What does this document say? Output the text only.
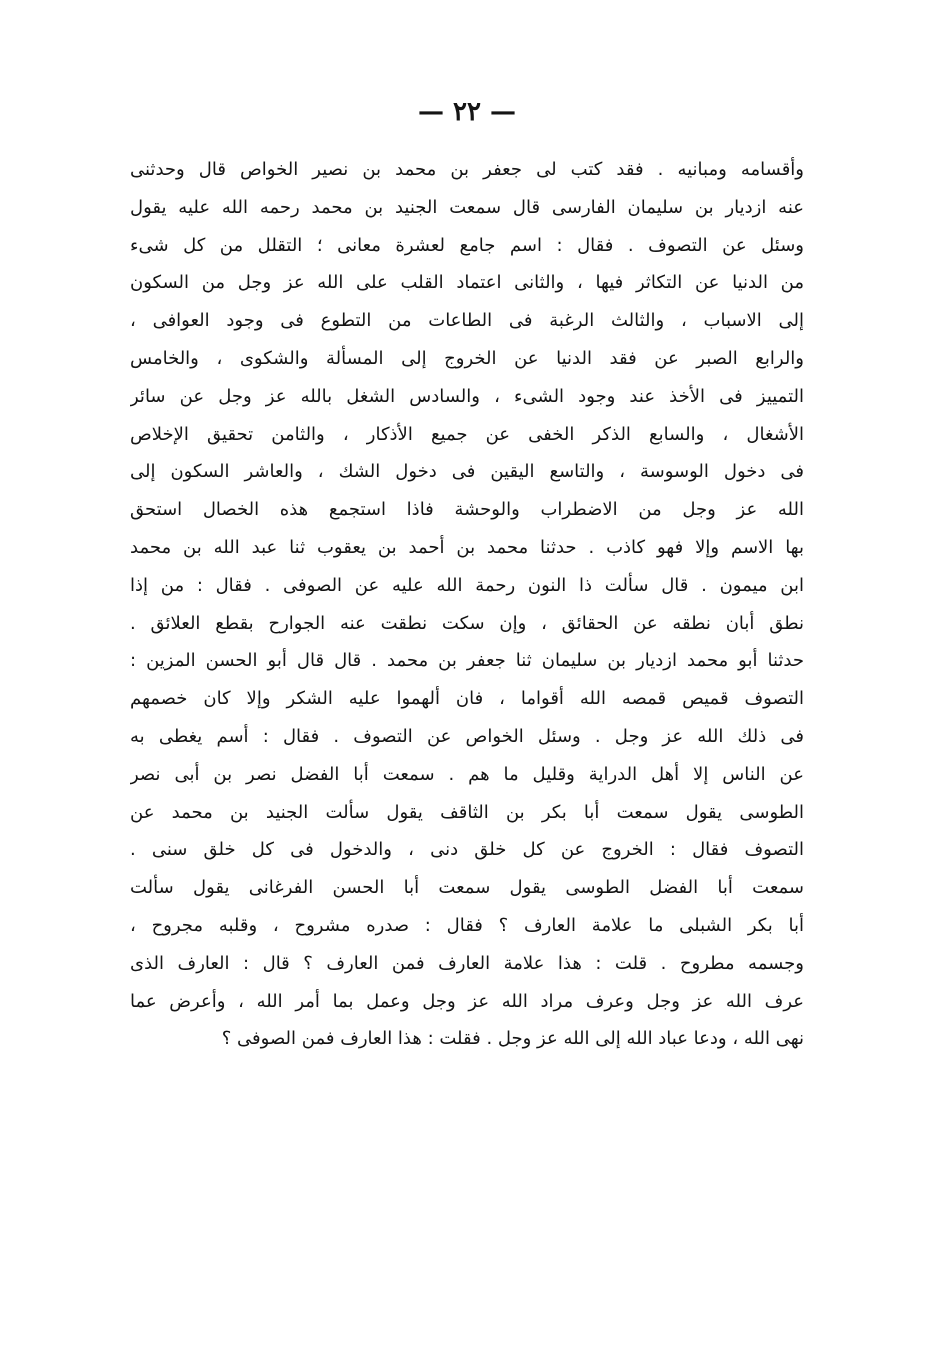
— ٢٢ —
وأقسامه ومبانيه . فقد كتب لى جعفر بن محمد بن نصير الخواص قال وحدثنى
عنه ازديار بن سليمان الفارسى قال سمعت الجنيد بن محمد رحمه الله عليه يقول
وسئل عن التصوف . فقال : اسم جامع لعشرة معانى ؛ التقلل من كل شىء
من الدنيا عن التكاثر فيها ، والثانى اعتماد القلب على الله عز وجل من السكون
إلى الاسباب ، والثالث الرغبة فى الطاعات من التطوع فى وجود العوافى ،
والرابع الصبر عن فقد الدنيا عن الخروج إلى المسألة والشكوى ، والخامس
التمييز فى الأخذ عند وجود الشىء ، والسادس الشغل بالله عز وجل عن سائر
الأشغال ، والسابع الذكر الخفى عن جميع الأذكار ، والثامن تحقيق الإخلاص
فى دخول الوسوسة ، والتاسع اليقين فى دخول الشك ، والعاشر السكون إلى
الله عز وجل من الاضطراب والوحشة فاذا استجمع هذه الخصال استحق
بها الاسم وإلا فهو كاذب . حدثنا محمد بن أحمد بن يعقوب ثنا عبد الله بن محمد
ابن ميمون . قال سألت ذا النون رحمة الله عليه عن الصوفى . فقال : من إذا
نطق أبان نطقه عن الحقائق ، وإن سكت نطقت عنه الجوارح بقطع العلائق .
حدثنا أبو محمد ازديار بن سليمان ثنا جعفر بن محمد . قال قال أبو الحسن المزين :
التصوف قميص قمصه الله أقواما ، فان ألهموا عليه الشكر وإلا كان خصمهم
فى ذلك الله عز وجل . وسئل الخواص عن التصوف . فقال : أسم يغطى به
عن الناس إلا أهل الدراية وقليل ما هم . سمعت أبا الفضل نصر بن أبى نصر
الطوسى يقول سمعت أبا بكر بن الثاقف يقول سألت الجنيد بن محمد عن
التصوف فقال : الخروج عن كل خلق دنى ، والدخول فى كل خلق سنى .
سمعت أبا الفضل الطوسى يقول سمعت أبا الحسن الفرغانى يقول سألت
أبا بكر الشبلى ما علامة العارف ؟ فقال : صدره مشروح ، وقلبه مجروح ،
وجسمه مطروح . قلت : هذا علامة العارف فمن العارف ؟ قال : العارف الذى
عرف الله عز وجل وعرف مراد الله عز وجل وعمل بما أمر الله ، وأعرض عما
نهى الله ، ودعا عباد الله إلى الله عز وجل . فقلت : هذا العارف فمن الصوفى ؟
